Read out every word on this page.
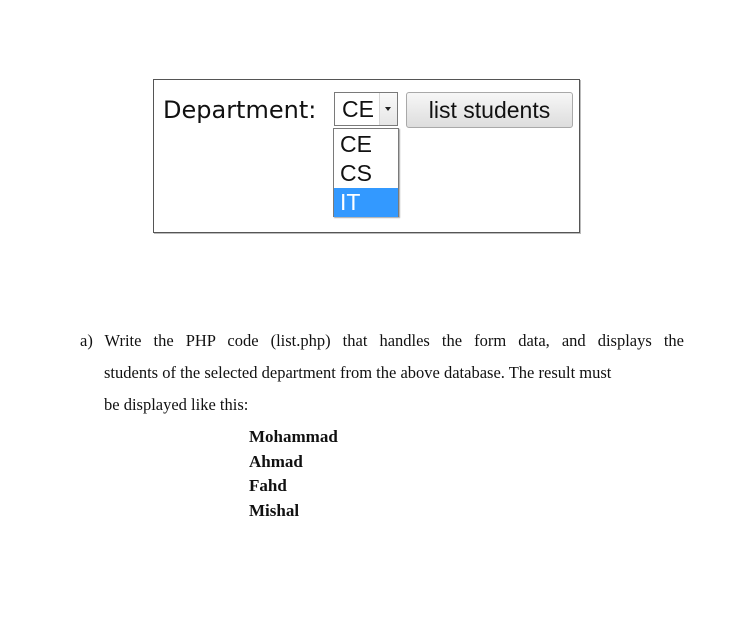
Department: CE	list students
CE
CS
IT
a) Write the PHP code (list.php) that handles the form data, and displays the
students of the selected department from the above database. The result must
be displayed like this:
Mohammad
Ahmad
Fahd
Mishal
